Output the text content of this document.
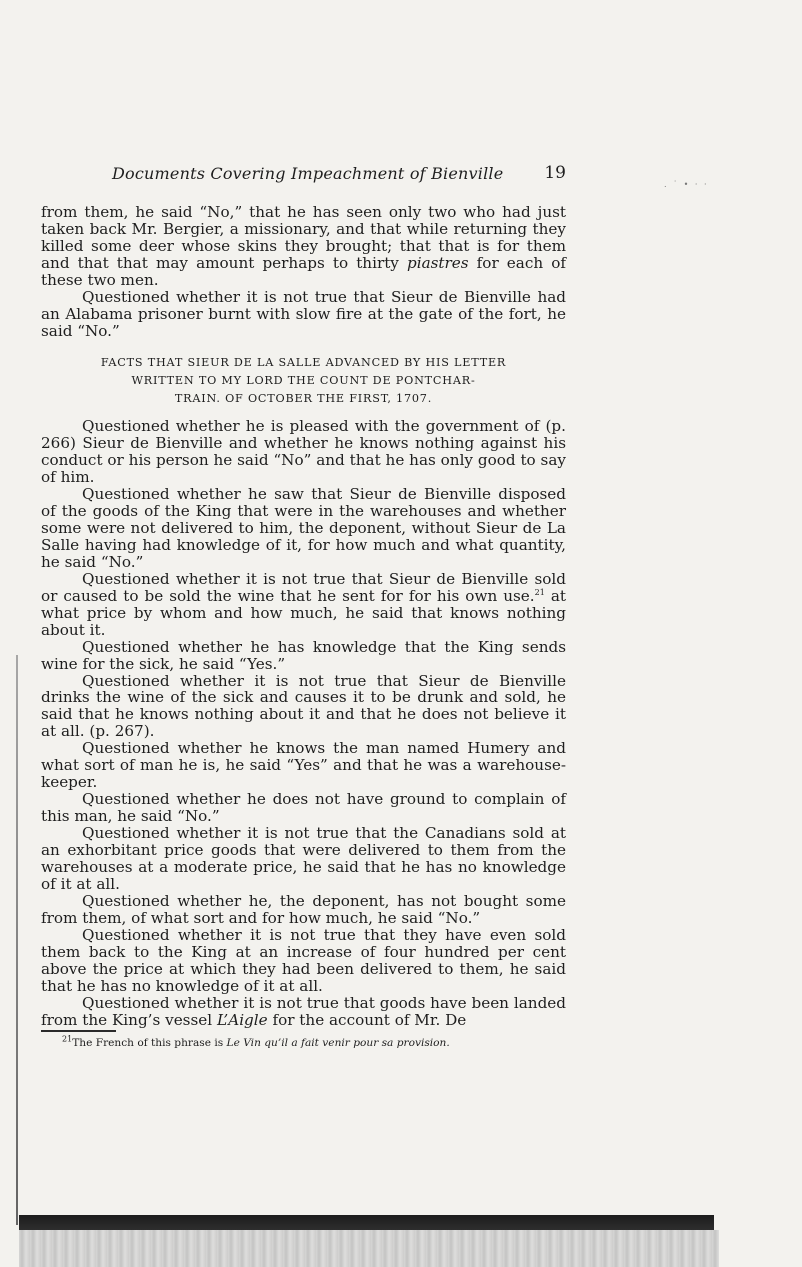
Documents Covering Impeachment of Bienville 19
. ˙ • · ·

from them, he said “No,” that he has seen only two who had just taken back Mr. Bergier, a missionary, and that while returning they killed some deer whose skins they brought; that that is for them and that that may amount perhaps to thirty piastres for each of these two men.

Questioned whether it is not true that Sieur de Bienville had an Alabama prisoner burnt with slow fire at the gate of the fort, he said “No.”

FACTS THAT SIEUR DE LA SALLE ADVANCED BY HIS LETTER
WRITTEN TO MY LORD THE COUNT DE PONTCHAR-
TRAIN. OF OCTOBER THE FIRST, 1707.

Questioned whether he is pleased with the government of (p. 266) Sieur de Bienville and whether he knows nothing against his conduct or his person he said “No” and that he has only good to say of him.

Questioned whether he saw that Sieur de Bienville disposed of the goods of the King that were in the warehouses and whether some were not delivered to him, the deponent, without Sieur de La Salle having had knowledge of it, for how much and what quantity, he said “No.”

Questioned whether it is not true that Sieur de Bienville sold or caused to be sold the wine that he sent for for his own use.$^{21}$ at what price by whom and how much, he said that knows nothing about it.

Questioned whether he has knowledge that the King sends wine for the sick, he said “Yes.”

Questioned whether it is not true that Sieur de Bienville drinks the wine of the sick and causes it to be drunk and sold, he said that he knows nothing about it and that he does not believe it at all. (p. 267).

Questioned whether he knows the man named Humery and what sort of man he is, he said “Yes” and that he was a warehouse-keeper.

Questioned whether he does not have ground to complain of this man, he said “No.”

Questioned whether it is not true that the Canadians sold at an exhorbitant price goods that were delivered to them from the warehouses at a moderate price, he said that he has no knowledge of it at all.

Questioned whether he, the deponent, has not bought some from them, of what sort and for how much, he said “No.”

Questioned whether it is not true that they have even sold them back to the King at an increase of four hundred per cent above the price at which they had been delivered to them, he said that he has no knowledge of it at all.

Questioned whether it is not true that goods have been landed from the King’s vessel L’Aigle for the account of Mr. De

$^{21}$The French of this phrase is Le Vin qu’il a fait venir pour sa provision.
